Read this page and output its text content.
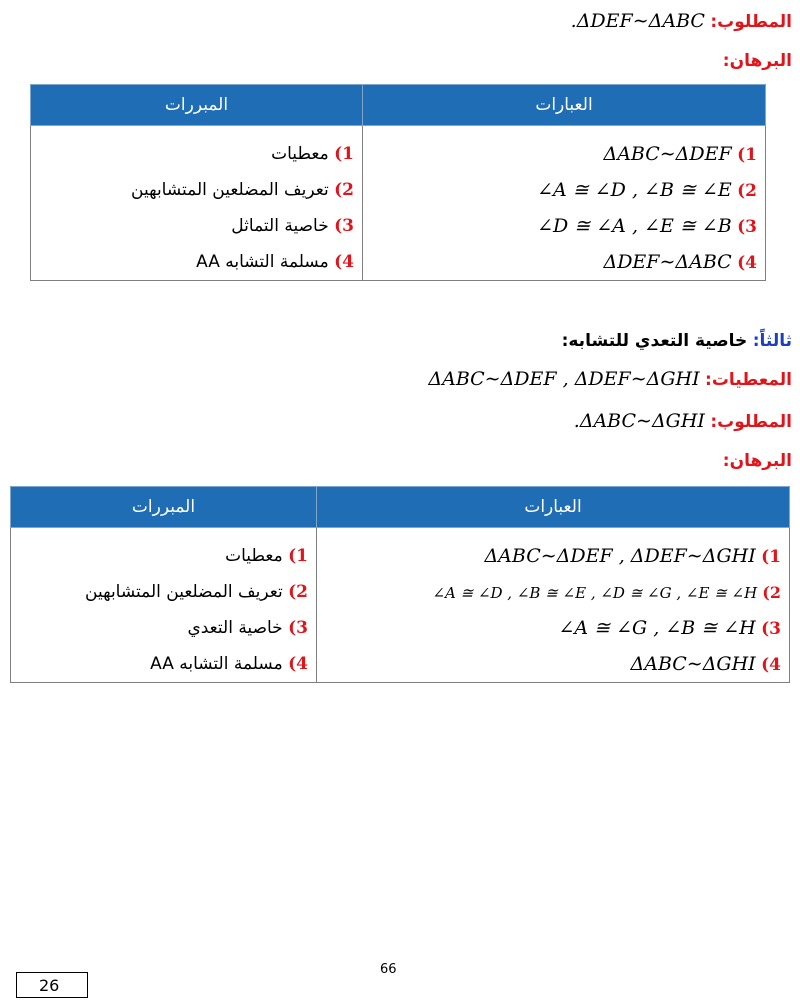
المطلوب: .ΔDEF∼ΔABC
البرهان:
العبارات	المبررات
1) ΔABC∼ΔDEF	1) معطيات
2) ∠A ≅ ∠D , ∠B ≅ ∠E	2) تعريف المضلعين المتشابهين
3) ∠D ≅ ∠A , ∠E ≅ ∠B	3) خاصية التماثل
4) ΔDEF∼ΔABC	4) مسلمة التشابه AA
ثالثاً: خاصية التعدي للتشابه:
المعطيات: ΔABC∼ΔDEF , ΔDEF∼ΔGHI
المطلوب: .ΔABC∼ΔGHI
البرهان:
العبارات	المبررات
1) ΔABC∼ΔDEF , ΔDEF∼ΔGHI	1) معطيات
2) ∠A ≅ ∠D , ∠B ≅ ∠E , ∠D ≅ ∠G , ∠E ≅ ∠H	2) تعريف المضلعين المتشابهين
3) ∠A ≅ ∠G , ∠B ≅ ∠H	3) خاصية التعدي
4) ΔABC∼ΔGHI	4) مسلمة التشابه AA
66
26
